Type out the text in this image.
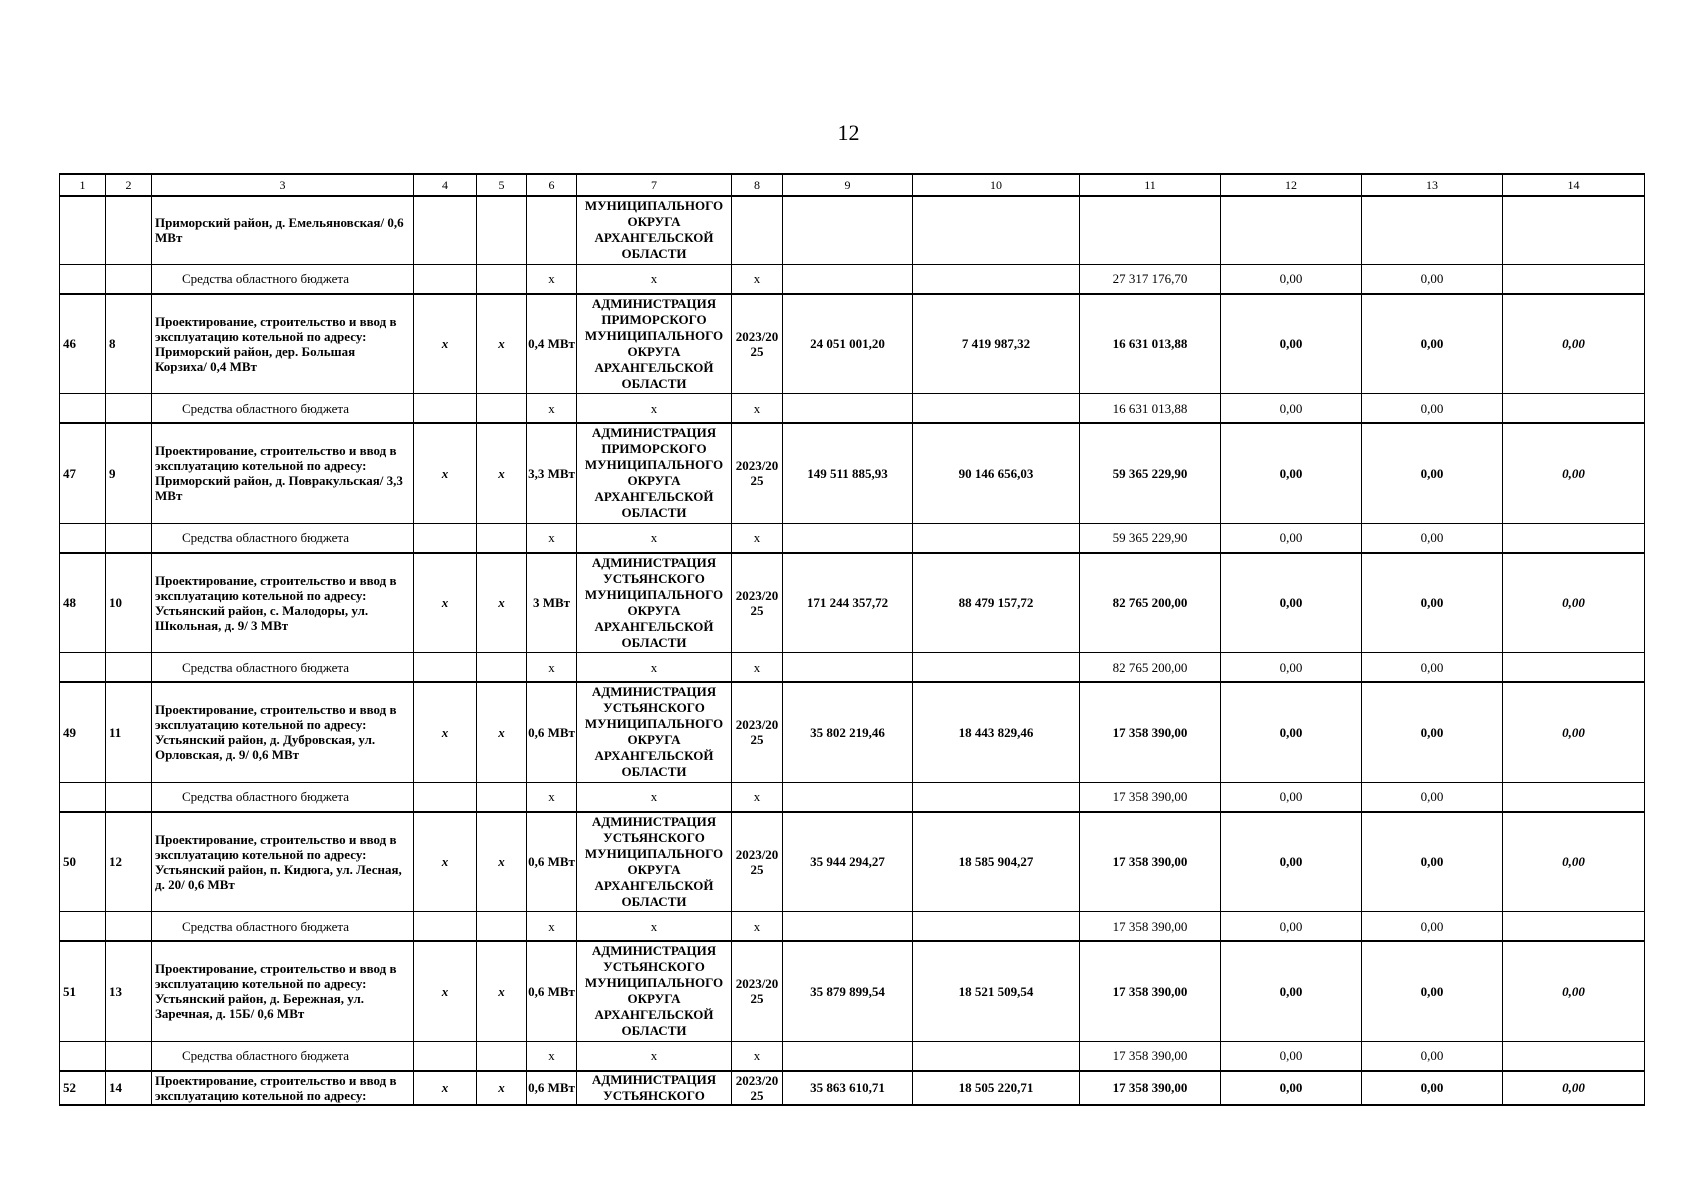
12
1	2	3	4	5	6	7	8	9	10	11	12	13	14
		Приморский район, д. Емельяновская/ 0,6 МВт				МУНИЦИПАЛЬНОГО ОКРУГА АРХАНГЕЛЬСКОЙ ОБЛАСТИ							
		Средства областного бюджета			x	x	x			27 317 176,70	0,00	0,00	
46	8	Проектирование, строительство и ввод в эксплуатацию котельной по адресу: Приморский район, дер. Большая Корзиха/ 0,4 МВт	x	x	0,4 МВт	АДМИНИСТРАЦИЯ ПРИМОРСКОГО МУНИЦИПАЛЬНОГО ОКРУГА АРХАНГЕЛЬСКОЙ ОБЛАСТИ	2023/2025	24 051 001,20	7 419 987,32	16 631 013,88	0,00	0,00	0,00
		Средства областного бюджета			x	x	x			16 631 013,88	0,00	0,00	
47	9	Проектирование, строительство и ввод в эксплуатацию котельной по адресу: Приморский район, д. Повракульская/ 3,3 МВт	x	x	3,3 МВт	АДМИНИСТРАЦИЯ ПРИМОРСКОГО МУНИЦИПАЛЬНОГО ОКРУГА АРХАНГЕЛЬСКОЙ ОБЛАСТИ	2023/2025	149 511 885,93	90 146 656,03	59 365 229,90	0,00	0,00	0,00
		Средства областного бюджета			x	x	x			59 365 229,90	0,00	0,00	
48	10	Проектирование, строительство и ввод в эксплуатацию котельной по адресу: Устьянский район, с. Малодоры, ул. Школьная, д. 9/ 3 МВт	x	x	3 МВт	АДМИНИСТРАЦИЯ УСТЬЯНСКОГО МУНИЦИПАЛЬНОГО ОКРУГА АРХАНГЕЛЬСКОЙ ОБЛАСТИ	2023/2025	171 244 357,72	88 479 157,72	82 765 200,00	0,00	0,00	0,00
		Средства областного бюджета			x	x	x			82 765 200,00	0,00	0,00	
49	11	Проектирование, строительство и ввод в эксплуатацию котельной по адресу: Устьянский район, д. Дубровская, ул. Орловская, д. 9/ 0,6 МВт	x	x	0,6 МВт	АДМИНИСТРАЦИЯ УСТЬЯНСКОГО МУНИЦИПАЛЬНОГО ОКРУГА АРХАНГЕЛЬСКОЙ ОБЛАСТИ	2023/2025	35 802 219,46	18 443 829,46	17 358 390,00	0,00	0,00	0,00
		Средства областного бюджета			x	x	x			17 358 390,00	0,00	0,00	
50	12	Проектирование, строительство и ввод в эксплуатацию котельной по адресу: Устьянский район, п. Кидюга, ул. Лесная, д. 20/ 0,6 МВт	x	x	0,6 МВт	АДМИНИСТРАЦИЯ УСТЬЯНСКОГО МУНИЦИПАЛЬНОГО ОКРУГА АРХАНГЕЛЬСКОЙ ОБЛАСТИ	2023/2025	35 944 294,27	18 585 904,27	17 358 390,00	0,00	0,00	0,00
		Средства областного бюджета			x	x	x			17 358 390,00	0,00	0,00	
51	13	Проектирование, строительство и ввод в эксплуатацию котельной по адресу: Устьянский район, д. Бережная, ул. Заречная, д. 15Б/ 0,6 МВт	x	x	0,6 МВт	АДМИНИСТРАЦИЯ УСТЬЯНСКОГО МУНИЦИПАЛЬНОГО ОКРУГА АРХАНГЕЛЬСКОЙ ОБЛАСТИ	2023/2025	35 879 899,54	18 521 509,54	17 358 390,00	0,00	0,00	0,00
		Средства областного бюджета			x	x	x			17 358 390,00	0,00	0,00	
52	14	Проектирование, строительство и ввод в эксплуатацию котельной по адресу:	x	x	0,6 МВт	АДМИНИСТРАЦИЯ УСТЬЯНСКОГО	2023/2025	35 863 610,71	18 505 220,71	17 358 390,00	0,00	0,00	0,00
